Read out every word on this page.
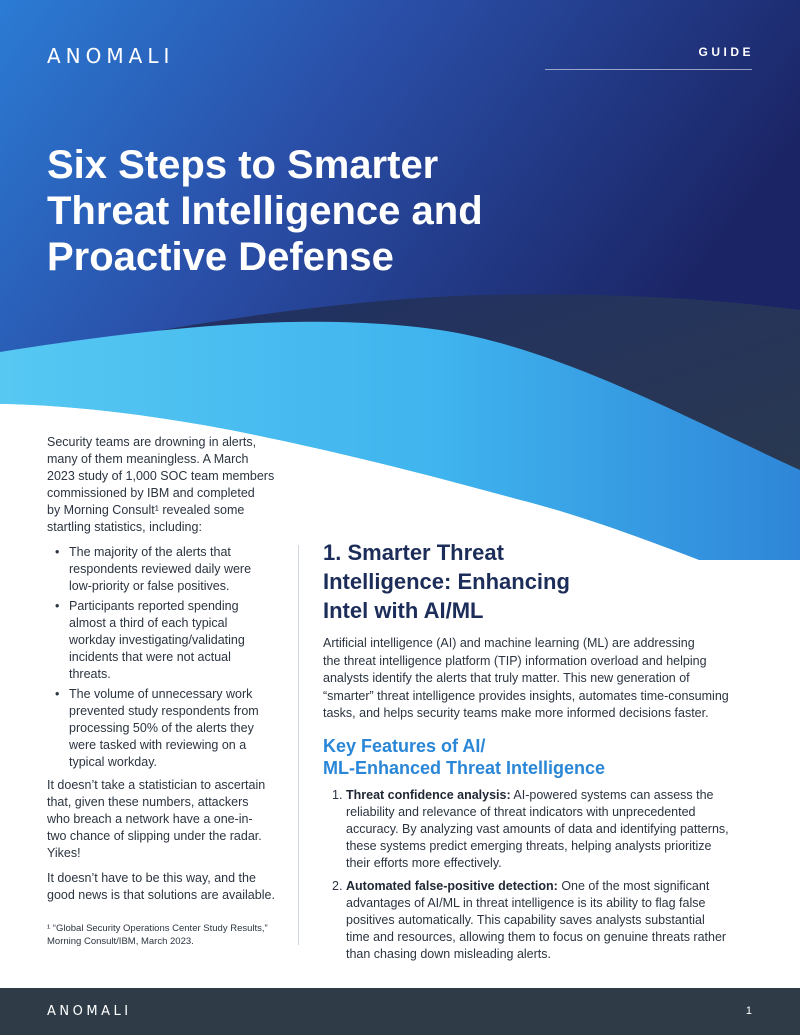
ANOMALI	GUIDE
Six Steps to Smarter
Threat Intelligence and
Proactive Defense

Security teams are drowning in alerts,
many of them meaningless. A March
2023 study of 1,000 SOC team members
commissioned by IBM and completed
by Morning Consult¹ revealed some
startling statistics, including:

• The majority of the alerts that
respondents reviewed daily were
low-priority or false positives.
• Participants reported spending
almost a third of each typical
workday investigating/validating
incidents that were not actual
threats.
• The volume of unnecessary work
prevented study respondents from
processing 50% of the alerts they
were tasked with reviewing on a
typical workday.

It doesn’t take a statistician to ascertain
that, given these numbers, attackers
who breach a network have a one-in-
two chance of slipping under the radar.
Yikes!

It doesn’t have to be this way, and the
good news is that solutions are available.

¹ “Global Security Operations Center Study Results,”
Morning Consult/IBM, March 2023.
1. Smarter Threat
Intelligence: Enhancing
Intel with AI/ML

Artificial intelligence (AI) and machine learning (ML) are addressing
the threat intelligence platform (TIP) information overload and helping
analysts identify the alerts that truly matter. This new generation of
“smarter” threat intelligence provides insights, automates time-consuming
tasks, and helps security teams make more informed decisions faster.

Key Features of AI/
ML-Enhanced Threat Intelligence
1. Threat confidence analysis: AI-powered systems can assess the
reliability and relevance of threat indicators with unprecedented
accuracy. By analyzing vast amounts of data and identifying patterns,
these systems predict emerging threats, helping analysts prioritize
their efforts more effectively.
2. Automated false-positive detection: One of the most significant
advantages of AI/ML in threat intelligence is its ability to flag false
positives automatically. This capability saves analysts substantial
time and resources, allowing them to focus on genuine threats rather
than chasing down misleading alerts.
ANOMALI	1
